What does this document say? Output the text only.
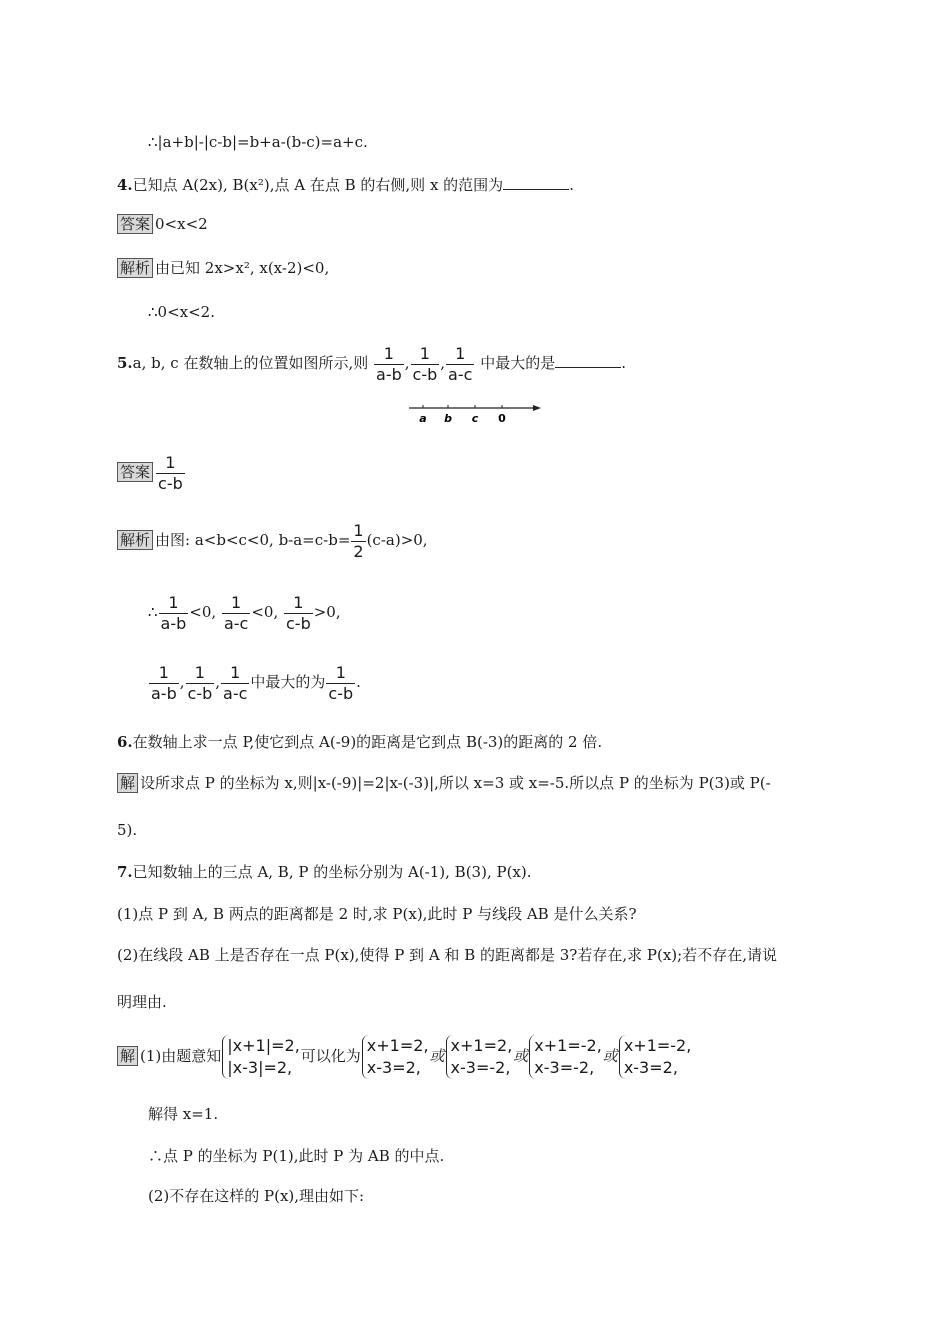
∴|a+b|-|c-b|=b+a-(b-c)=a+c.
4.已知点 A(2x), B(x²),点 A 在点 B 的右侧,则 x 的范围为	.
答案 0<x<2
解析 由已知 2x>x², x(x-2)<0,
∴0<x<2.
5.a, b, c 在数轴上的位置如图所示,则 $\frac{1}{a-b}$ , $\frac{1}{c-b}$ , $\frac{1}{a-c}$ 中最大的是	.
a b c 0
答案 $\frac{1}{c-b}$
解析 由图: a<b<c<0, $b-a=c-b= \frac{1}{2} (c-a)>0$,
∴ $\frac{1}{a-b} <0$, $\frac{1}{a-c} <0$, $\frac{1}{c-b} >0$,
$\frac{1}{a-b}$ , $\frac{1}{c-b}$ , $\frac{1}{a-c}$ 中最大的为 $\frac{1}{c-b}$ .
6.在数轴上求一点 P,使它到点 A(-9)的距离是它到点 B(-3)的距离的 2 倍.
解 设所求点 P 的坐标为 x,则|x-(-9)|=2|x-(-3)|,所以 x=3 或 x=-5.所以点 P 的坐标为 P(3)或 P(-
5).
7.已知数轴上的三点 A, B, P 的坐标分别为 A(-1), B(3), P(x).
(1)点 P 到 A, B 两点的距离都是 2 时,求 P(x),此时 P 与线段 AB 是什么关系?
(2)在线段 AB 上是否存在一点 P(x),使得 P 到 A 和 B 的距离都是 3?若存在,求 P(x);若不存在,请说
明理由.
解 (1)由题意知
|x+1|=2,
|x-3|=2,
可以化为
x+1=2,
x-3=2,
或
x+1=2,
x-3=-2,
或
x+1=-2,
x-3=-2,
或
x+1=-2,
x-3=2,
解得 x=1.
∴点 P 的坐标为 P(1),此时 P 为 AB 的中点.
(2)不存在这样的 P(x),理由如下:
